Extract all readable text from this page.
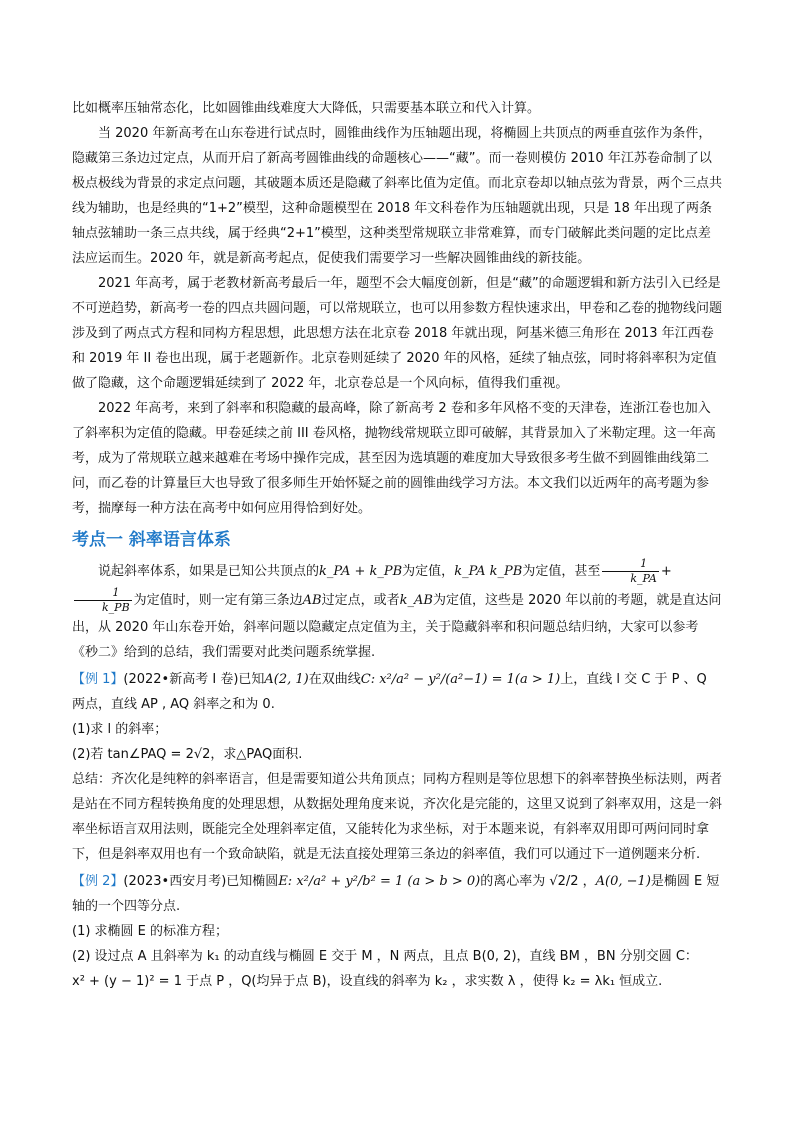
比如概率压轴常态化，比如圆锥曲线难度大大降低，只需要基本联立和代入计算。

当 2020 年新高考在山东卷进行试点时，圆锥曲线作为压轴题出现，将椭圆上共顶点的两垂直弦作为条件，隐藏第三条边过定点，从而开启了新高考圆锥曲线的命题核心——“藏”。而一卷则模仿 2010 年江苏卷命制了以极点极线为背景的求定点问题，其破题本质还是隐藏了斜率比值为定值。而北京卷却以轴点弦为背景，两个三点共线为辅助，也是经典的“1+2”模型，这种命题模型在 2018 年文科卷作为压轴题就出现，只是 18 年出现了两条轴点弦辅助一条三点共线，属于经典“2+1”模型，这种类型常规联立非常难算，而专门破解此类问题的定比点差法应运而生。2020 年，就是新高考起点，促使我们需要学习一些解决圆锥曲线的新技能。

2021 年高考，属于老教材新高考最后一年，题型不会大幅度创新，但是“藏”的命题逻辑和新方法引入已经是不可逆趋势，新高考一卷的四点共圆问题，可以常规联立，也可以用参数方程快速求出，甲卷和乙卷的抛物线问题涉及到了两点式方程和同构方程思想，此思想方法在北京卷 2018 年就出现，阿基米德三角形在 2013 年江西卷和 2019 年 II 卷也出现，属于老题新作。北京卷则延续了 2020 年的风格，延续了轴点弦，同时将斜率积为定值做了隐藏，这个命题逻辑延续到了 2022 年，北京卷总是一个风向标，值得我们重视。

2022 年高考，来到了斜率和积隐藏的最高峰，除了新高考 2 卷和多年风格不变的天津卷，连浙江卷也加入了斜率积为定值的隐藏。甲卷延续之前 III 卷风格，抛物线常规联立即可破解，其背景加入了米勒定理。这一年高考，成为了常规联立越来越难在考场中操作完成，甚至因为选填题的难度加大导致很多考生做不到圆锥曲线第二问，而乙卷的计算量巨大也导致了很多师生开始怀疑之前的圆锥曲线学习方法。本文我们以近两年的高考题为参考，揣摩每一种方法在高考中如何应用得恰到好处。

考点一 斜率语言体系

说起斜率体系，如果是已知公共顶点的k_PA + k_PB为定值，k_PA k_PB为定值，甚至 $\frac{1}{k\_PA}$ +
$\frac{1}{k\_PB}$ 为定值时，则一定有第三条边AB过定点，或者k_AB为定值，这些是 2020 年以前的考题，就是直达问出，从 2020 年山东卷开始，斜率问题以隐藏定点定值为主，关于隐藏斜率和积问题总结归纳，大家可以参考《秒二》给到的总结，我们需要对此类问题系统掌握.

【例 1】(2022•新高考 I 卷)已知A(2, 1)在双曲线C: x²/a² − y²/(a²−1) = 1(a > 1)上，直线 l 交 C 于 P 、Q 两点，直线 AP , AQ 斜率之和为 0.

(1)求 l 的斜率；

(2)若 tan∠PAQ = 2√2，求△PAQ面积.

总结：齐次化是纯粹的斜率语言，但是需要知道公共角顶点；同构方程则是等位思想下的斜率替换坐标法则，两者是站在不同方程转换角度的处理思想，从数据处理角度来说，齐次化是完能的，这里又说到了斜率双用，这是一斜率坐标语言双用法则，既能完全处理斜率定值，又能转化为求坐标，对于本题来说，有斜率双用即可两问同时拿下，但是斜率双用也有一个致命缺陷，就是无法直接处理第三条边的斜率值，我们可以通过下一道例题来分析.

【例 2】(2023•西安月考)已知椭圆E: x²/a² + y²/b² = 1 (a > b > 0)的离心率为 √2/2 ，A(0, −1)是椭圆 E 短轴的一个四等分点.

(1) 求椭圆 E 的标准方程；

(2) 设过点 A 且斜率为 k₁ 的动直线与椭圆 E 交于 M ，N 两点，且点 B(0, 2)，直线 BM ，BN 分别交圆 C：

x² + (y − 1)² = 1 于点 P ，Q(均异于点 B)，设直线的斜率为 k₂ ，求实数 λ ，使得 k₂ = λk₁ 恒成立.
